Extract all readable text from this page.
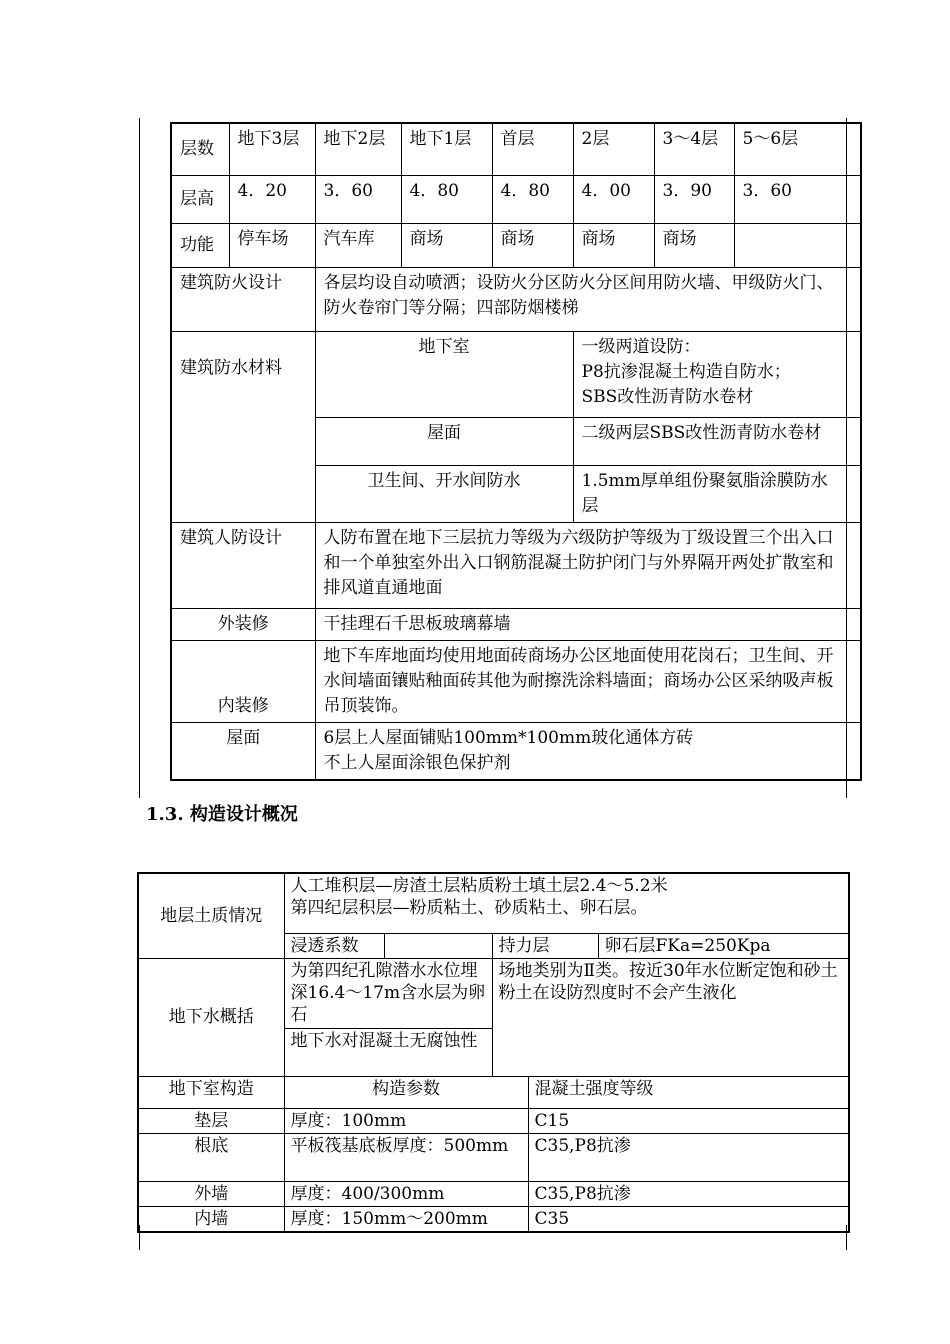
层数	地下3层	地下2层	地下1层	首层	2层	3～4层	5～6层	
层高	4．20	3．60	4．80	4．80	4．00	3．90	3．60	
功能	停车场	汽车库	商场	商场	商场	商场		
建筑防火设计		各层均设自动喷洒；设防火分区防火分区间用防火墙、甲级防火门、防火卷帘门等分隔；四部防烟楼梯						
建筑防水材料		地下室			一级两道设防：
P8抗渗混凝土构造自防水；
SBS改性沥青防水卷材			
		屋面			二级两层SBS改性沥青防水卷材			
		卫生间、开水间防水			1.5mm厚单组份聚氨脂涂膜防水层			
建筑人防设计		人防布置在地下三层抗力等级为六级防护等级为丁级设置三个出入口和一个单独室外出入口钢筋混凝土防护闭门与外界隔开两处扩散室和排风道直通地面						
外装修		干挂理石千思板玻璃幕墙						
内装修		地下车库地面均使用地面砖商场办公区地面使用花岗石；卫生间、开水间墙面镶贴釉面砖其他为耐擦洗涂料墙面；商场办公区采纳吸声板吊顶装饰。						
屋面		6层上人屋面铺贴100mm*100mm玻化通体方砖
不上人屋面涂银色保护剂						
1.3. 构造设计概况
地层土质情况	人工堆积层—房渣土层粘质粉土填土层2.4～5.2米
第四纪层积层—粉质粘土、砂质粘土、卵石层。				
	浸透系数		持力层		卵石层FKa=250Kpa
地下水概括	为第四纪孔隙潜水水位埋深16.4～17m含水层为卵石		场地类别为Ⅱ类。按近30年水位断定饱和砂土粉土在设防烈度时不会产生液化		
	地下水对混凝土无腐蚀性				
地下室构造	构造参数			混凝土强度等级	
垫层	厚度：100mm			C15	
根底	平板筏基底板厚度：500mm			C35,P8抗渗	
外墙	厚度：400/300mm			C35,P8抗渗	
内墙	厚度：150mm～200mm			C35	
